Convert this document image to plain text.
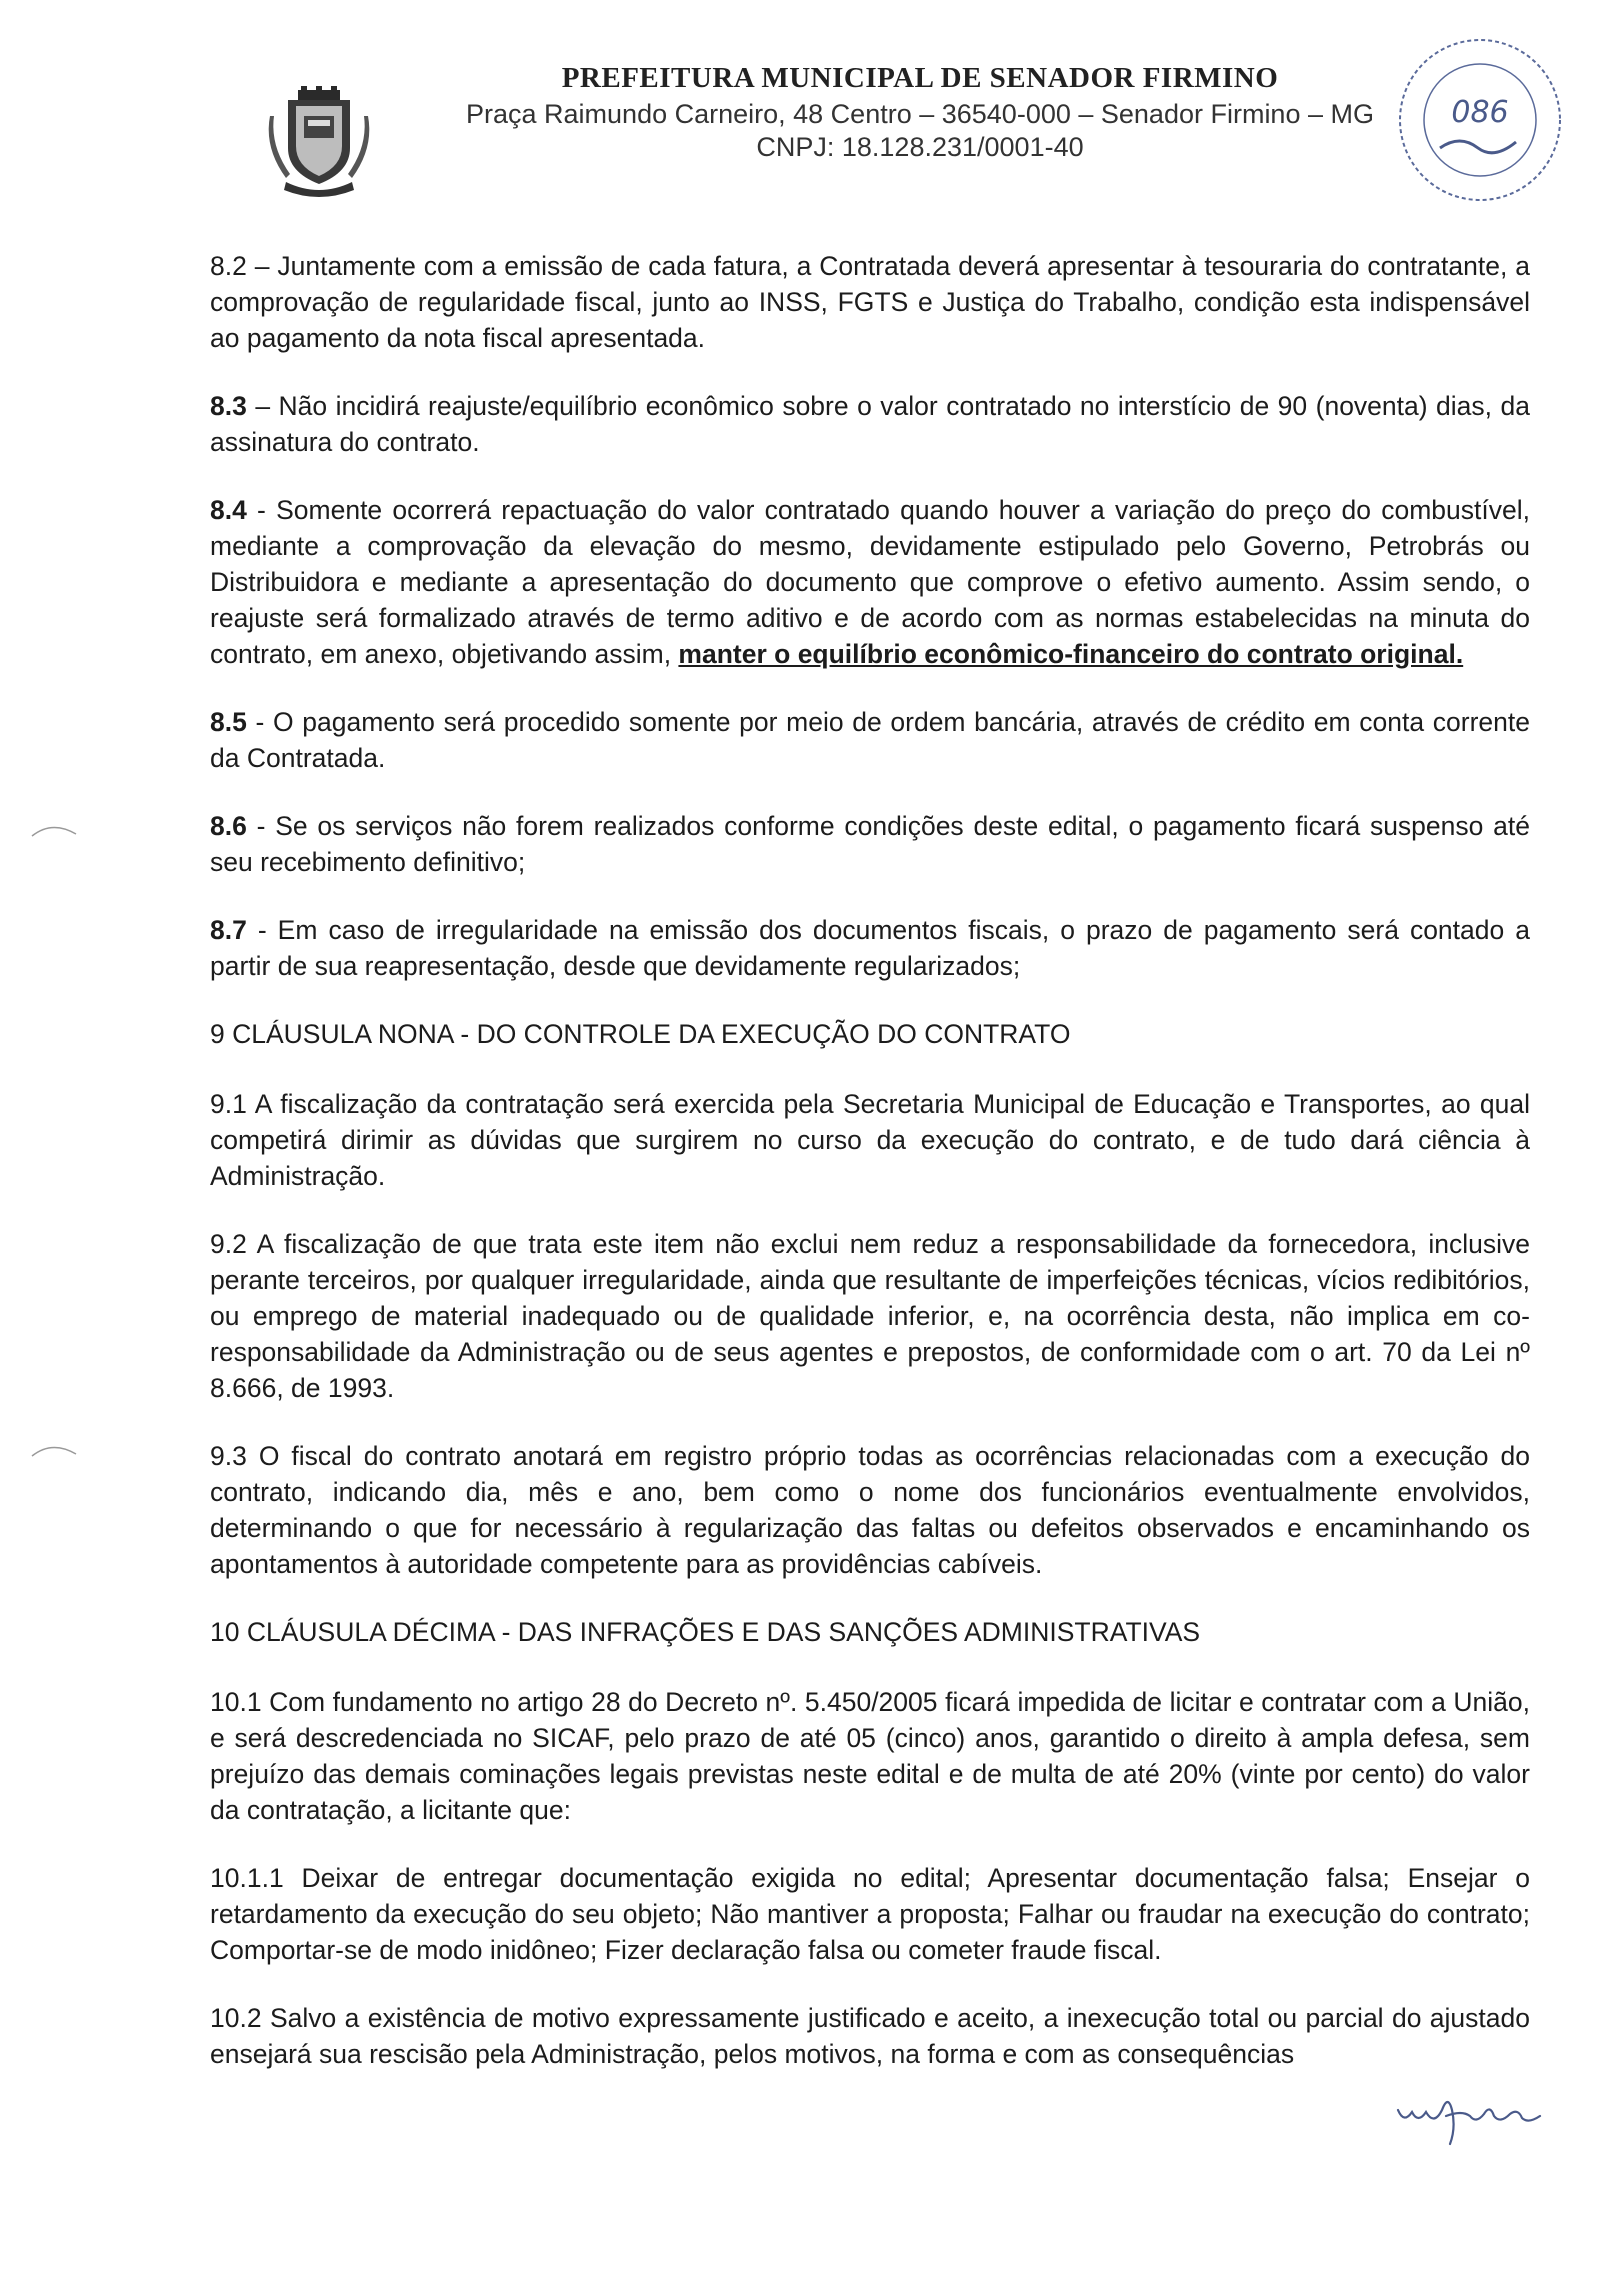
PREFEITURA MUNICIPAL DE SENADOR FIRMINO
Praça Raimundo Carneiro, 48 Centro – 36540-000 – Senador Firmino – MG
CNPJ: 18.128.231/0001-40
086

8.2 – Juntamente com a emissão de cada fatura, a Contratada deverá apresentar à tesouraria do contratante, a comprovação de regularidade fiscal, junto ao INSS, FGTS e Justiça do Trabalho, condição esta indispensável ao pagamento da nota fiscal apresentada.

8.3 – Não incidirá reajuste/equilíbrio econômico sobre o valor contratado no interstício de 90 (noventa) dias, da assinatura do contrato.

8.4 - Somente ocorrerá repactuação do valor contratado quando houver a variação do preço do combustível, mediante a comprovação da elevação do mesmo, devidamente estipulado pelo Governo, Petrobrás ou Distribuidora e mediante a apresentação do documento que comprove o efetivo aumento. Assim sendo, o reajuste será formalizado através de termo aditivo e de acordo com as normas estabelecidas na minuta do contrato, em anexo, objetivando assim, manter o equilíbrio econômico-financeiro do contrato original.

8.5 - O pagamento será procedido somente por meio de ordem bancária, através de crédito em conta corrente da Contratada.

8.6 - Se os serviços não forem realizados conforme condições deste edital, o pagamento ficará suspenso até seu recebimento definitivo;

8.7 - Em caso de irregularidade na emissão dos documentos fiscais, o prazo de pagamento será contado a partir de sua reapresentação, desde que devidamente regularizados;

9 CLÁUSULA NONA - DO CONTROLE DA EXECUÇÃO DO CONTRATO

9.1 A fiscalização da contratação será exercida pela Secretaria Municipal de Educação e Transportes, ao qual competirá dirimir as dúvidas que surgirem no curso da execução do contrato, e de tudo dará ciência à Administração.

9.2 A fiscalização de que trata este item não exclui nem reduz a responsabilidade da fornecedora, inclusive perante terceiros, por qualquer irregularidade, ainda que resultante de imperfeições técnicas, vícios redibitórios, ou emprego de material inadequado ou de qualidade inferior, e, na ocorrência desta, não implica em co-responsabilidade da Administração ou de seus agentes e prepostos, de conformidade com o art. 70 da Lei nº 8.666, de 1993.

9.3 O fiscal do contrato anotará em registro próprio todas as ocorrências relacionadas com a execução do contrato, indicando dia, mês e ano, bem como o nome dos funcionários eventualmente envolvidos, determinando o que for necessário à regularização das faltas ou defeitos observados e encaminhando os apontamentos à autoridade competente para as providências cabíveis.

10 CLÁUSULA DÉCIMA - DAS INFRAÇÕES E DAS SANÇÕES ADMINISTRATIVAS

10.1 Com fundamento no artigo 28 do Decreto nº. 5.450/2005 ficará impedida de licitar e contratar com a União, e será descredenciada no SICAF, pelo prazo de até 05 (cinco) anos, garantido o direito à ampla defesa, sem prejuízo das demais cominações legais previstas neste edital e de multa de até 20% (vinte por cento) do valor da contratação, a licitante que:

10.1.1 Deixar de entregar documentação exigida no edital; Apresentar documentação falsa; Ensejar o retardamento da execução do seu objeto; Não mantiver a proposta; Falhar ou fraudar na execução do contrato; Comportar-se de modo inidôneo; Fizer declaração falsa ou cometer fraude fiscal.

10.2 Salvo a existência de motivo expressamente justificado e aceito, a inexecução total ou parcial do ajustado ensejará sua rescisão pela Administração, pelos motivos, na forma e com as consequências
